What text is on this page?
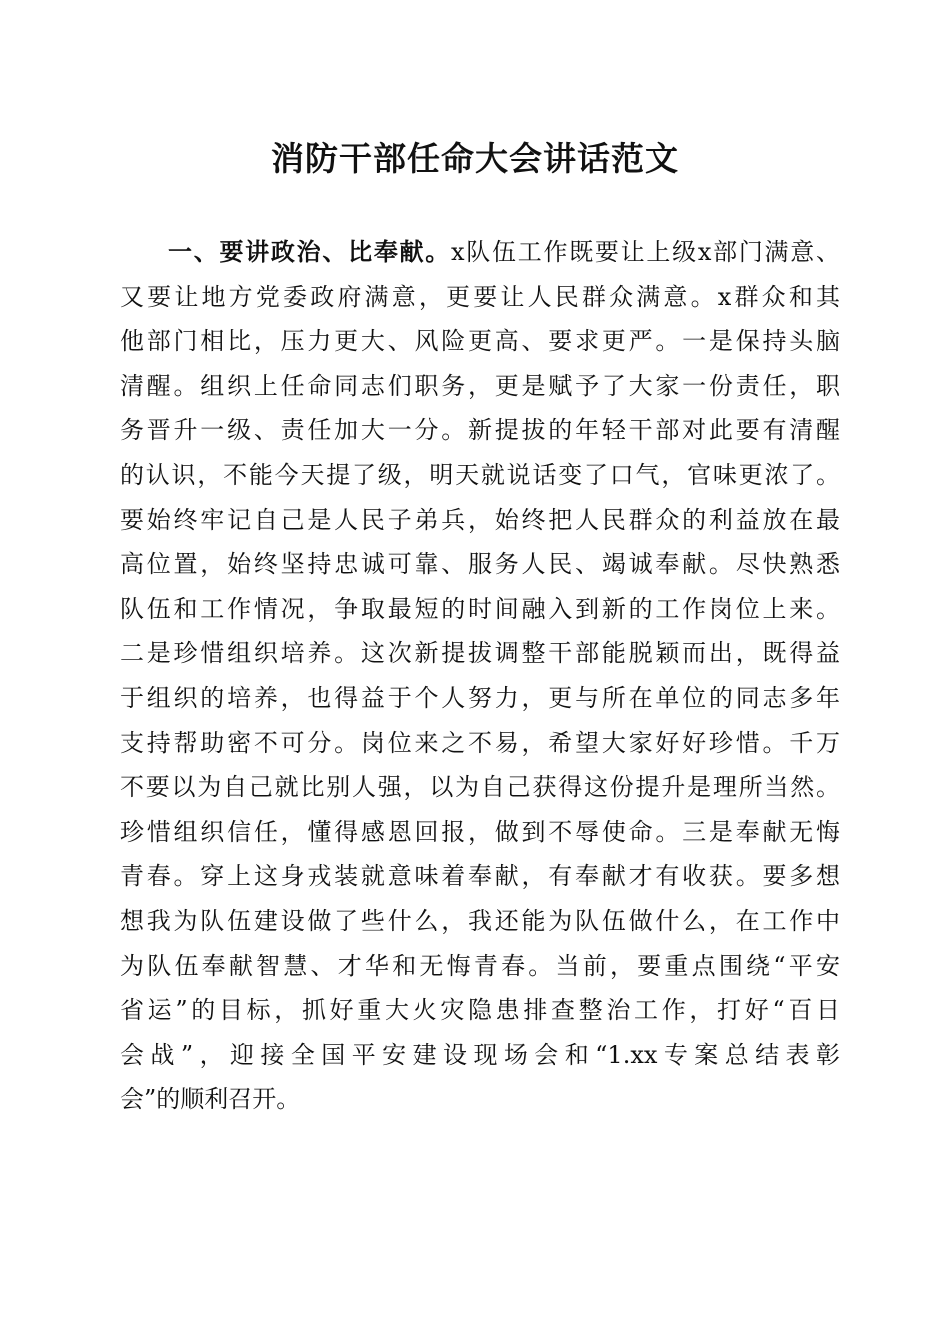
消防干部任命大会讲话范文
一、要讲政治、比奉献。x队伍工作既要让上级x部门满意、
又要让地方党委政府满意，更要让人民群众满意。x群众和其
他部门相比，压力更大、风险更高、要求更严。一是保持头脑
清醒。组织上任命同志们职务，更是赋予了大家一份责任，职
务晋升一级、责任加大一分。新提拔的年轻干部对此要有清醒
的认识，不能今天提了级，明天就说话变了口气，官味更浓了。
要始终牢记自己是人民子弟兵，始终把人民群众的利益放在最
高位置，始终坚持忠诚可靠、服务人民、竭诚奉献。尽快熟悉
队伍和工作情况，争取最短的时间融入到新的工作岗位上来。
二是珍惜组织培养。这次新提拔调整干部能脱颖而出，既得益
于组织的培养，也得益于个人努力，更与所在单位的同志多年
支持帮助密不可分。岗位来之不易，希望大家好好珍惜。千万
不要以为自己就比别人强，以为自己获得这份提升是理所当然。
珍惜组织信任，懂得感恩回报，做到不辱使命。三是奉献无悔
青春。穿上这身戎装就意味着奉献，有奉献才有收获。要多想
想我为队伍建设做了些什么，我还能为队伍做什么，在工作中
为队伍奉献智慧、才华和无悔青春。当前，要重点围绕“平安
省运”的目标，抓好重大火灾隐患排查整治工作，打好“百日
会战”，迎接全国平安建设现场会和“1.xx专案总结表彰
会”的顺利召开。
